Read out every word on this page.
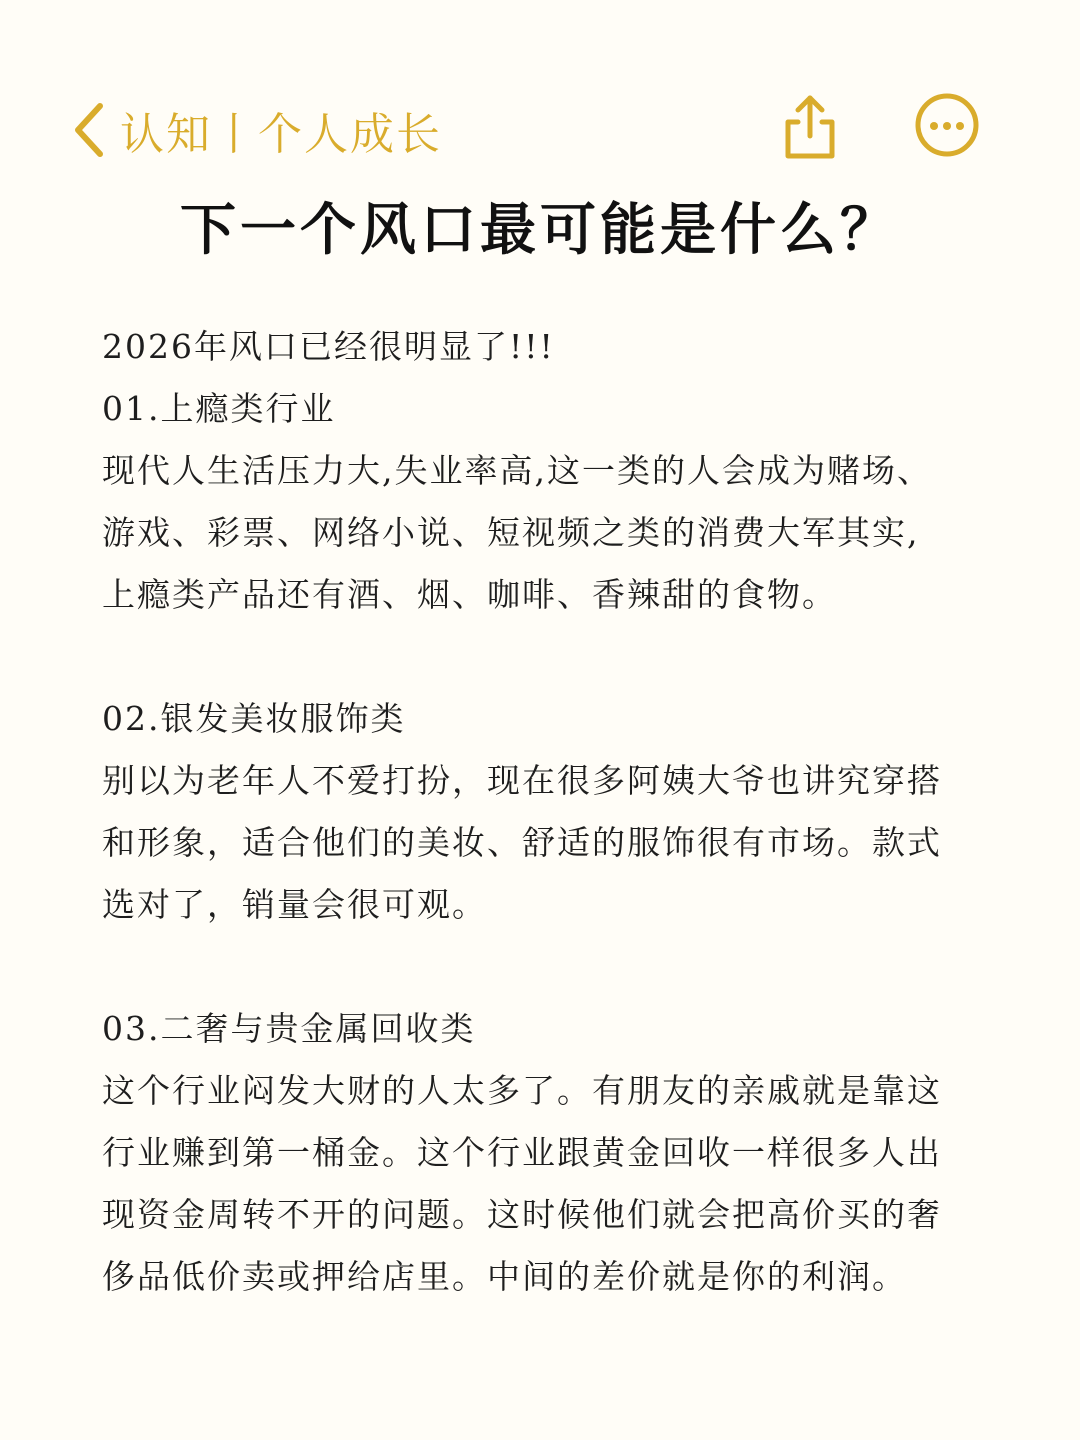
认知丨个人成长
下一个风口最可能是什么？
2026年风口已经很明显了!!!
01.上瘾类行业
现代人生活压力大,失业率高,这一类的人会成为赌场、
游戏、彩票、网络小说、短视频之类的消费大军其实,
上瘾类产品还有酒、烟、咖啡、香辣甜的食物。
02.银发美妆服饰类
别以为老年人不爱打扮，现在很多阿姨大爷也讲究穿搭
和形象，适合他们的美妆、舒适的服饰很有市场。款式
选对了，销量会很可观。
03.二奢与贵金属回收类
这个行业闷发大财的人太多了。有朋友的亲戚就是靠这
行业赚到第一桶金。这个行业跟黄金回收一样很多人出
现资金周转不开的问题。这时候他们就会把高价买的奢
侈品低价卖或押给店里。中间的差价就是你的利润。
